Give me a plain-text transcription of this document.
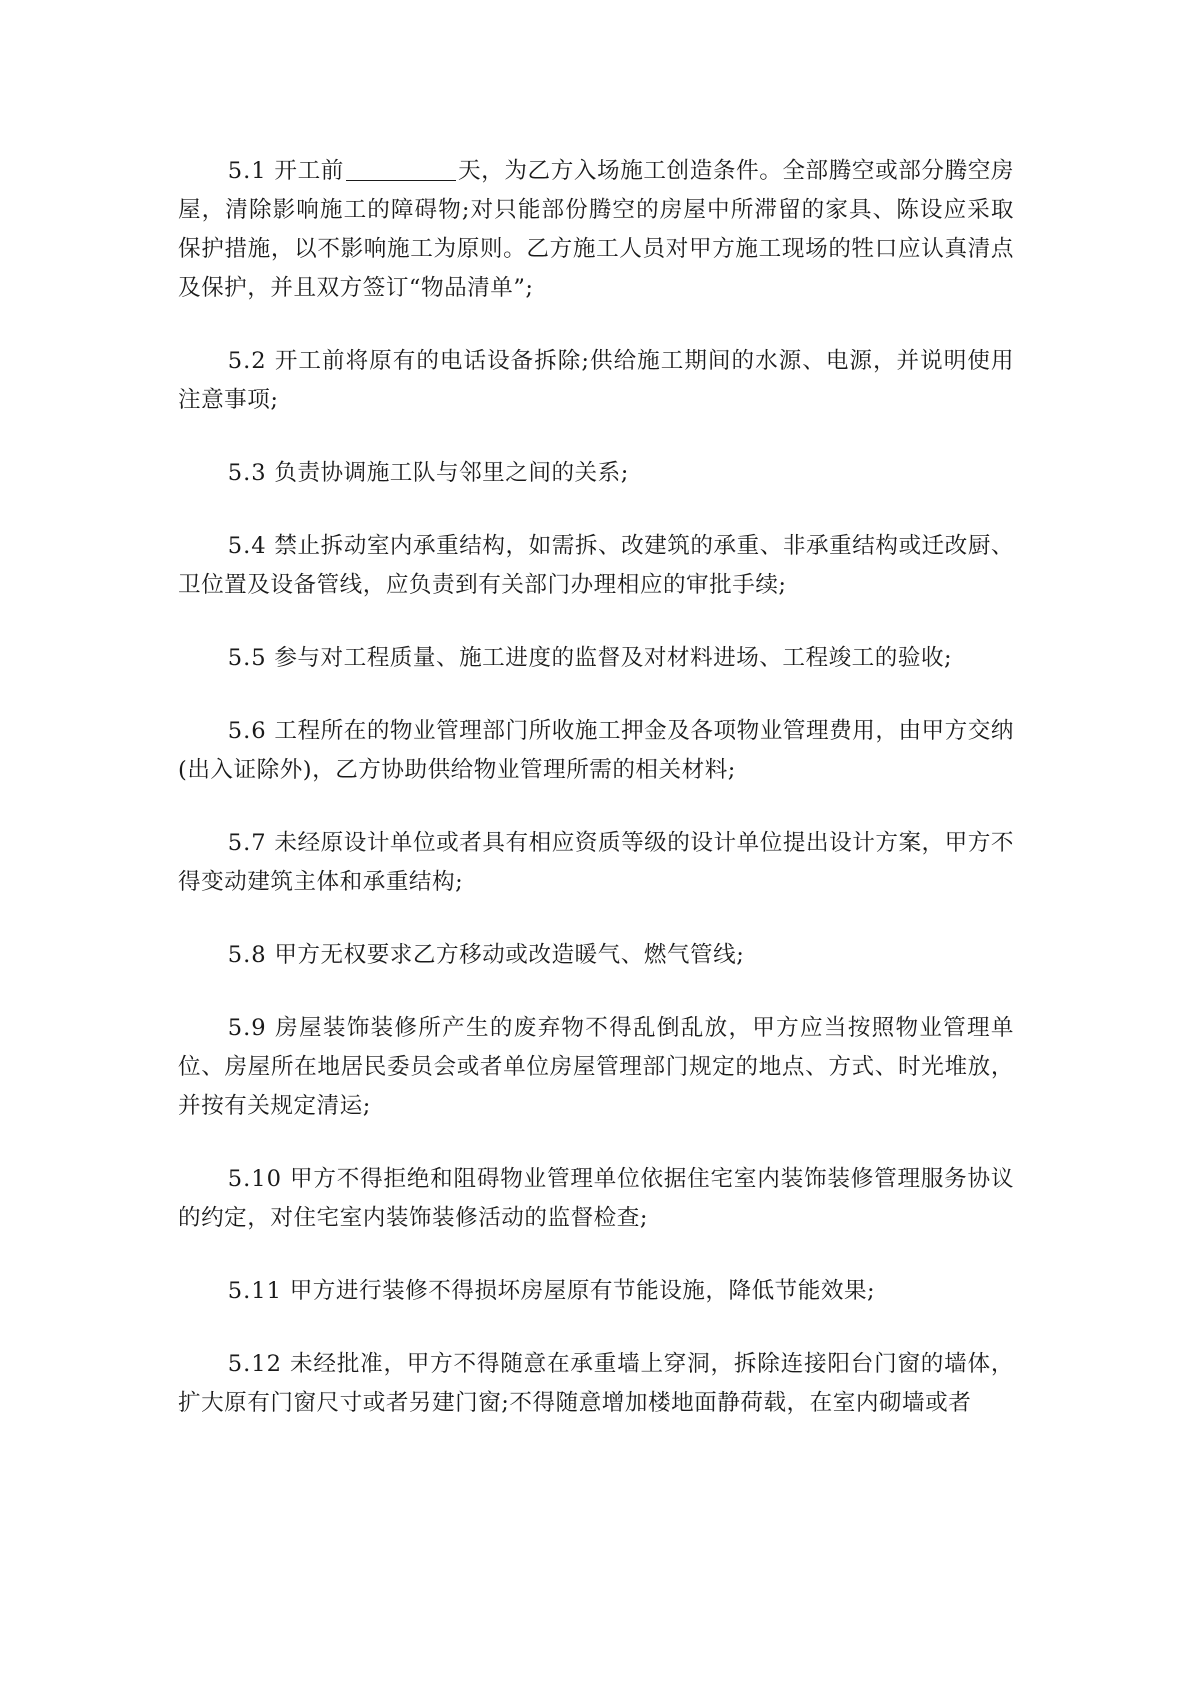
5.1 开工前	天，为乙方入场施工创造条件。全部腾空或部分腾空房屋，清除影响施工的障碍物;对只能部份腾空的房屋中所滞留的家具、陈设应采取保护措施，以不影响施工为原则。乙方施工人员对甲方施工现场的牲口应认真清点及保护，并且双方签订“物品清单”;

5.2 开工前将原有的电话设备拆除;供给施工期间的水源、电源，并说明使用注意事项;

5.3 负责协调施工队与邻里之间的关系;

5.4 禁止拆动室内承重结构，如需拆、改建筑的承重、非承重结构或迁改厨、卫位置及设备管线，应负责到有关部门办理相应的审批手续;

5.5 参与对工程质量、施工进度的监督及对材料进场、工程竣工的验收;

5.6 工程所在的物业管理部门所收施工押金及各项物业管理费用，由甲方交纳(出入证除外)，乙方协助供给物业管理所需的相关材料;

5.7 未经原设计单位或者具有相应资质等级的设计单位提出设计方案，甲方不得变动建筑主体和承重结构;

5.8 甲方无权要求乙方移动或改造暖气、燃气管线;

5.9 房屋装饰装修所产生的废弃物不得乱倒乱放，甲方应当按照物业管理单位、房屋所在地居民委员会或者单位房屋管理部门规定的地点、方式、时光堆放，并按有关规定清运;

5.10 甲方不得拒绝和阻碍物业管理单位依据住宅室内装饰装修管理服务协议的约定，对住宅室内装饰装修活动的监督检查;

5.11 甲方进行装修不得损坏房屋原有节能设施，降低节能效果;

5.12 未经批准，甲方不得随意在承重墙上穿洞，拆除连接阳台门窗的墙体，扩大原有门窗尺寸或者另建门窗;不得随意增加楼地面静荷载，在室内砌墙或者
